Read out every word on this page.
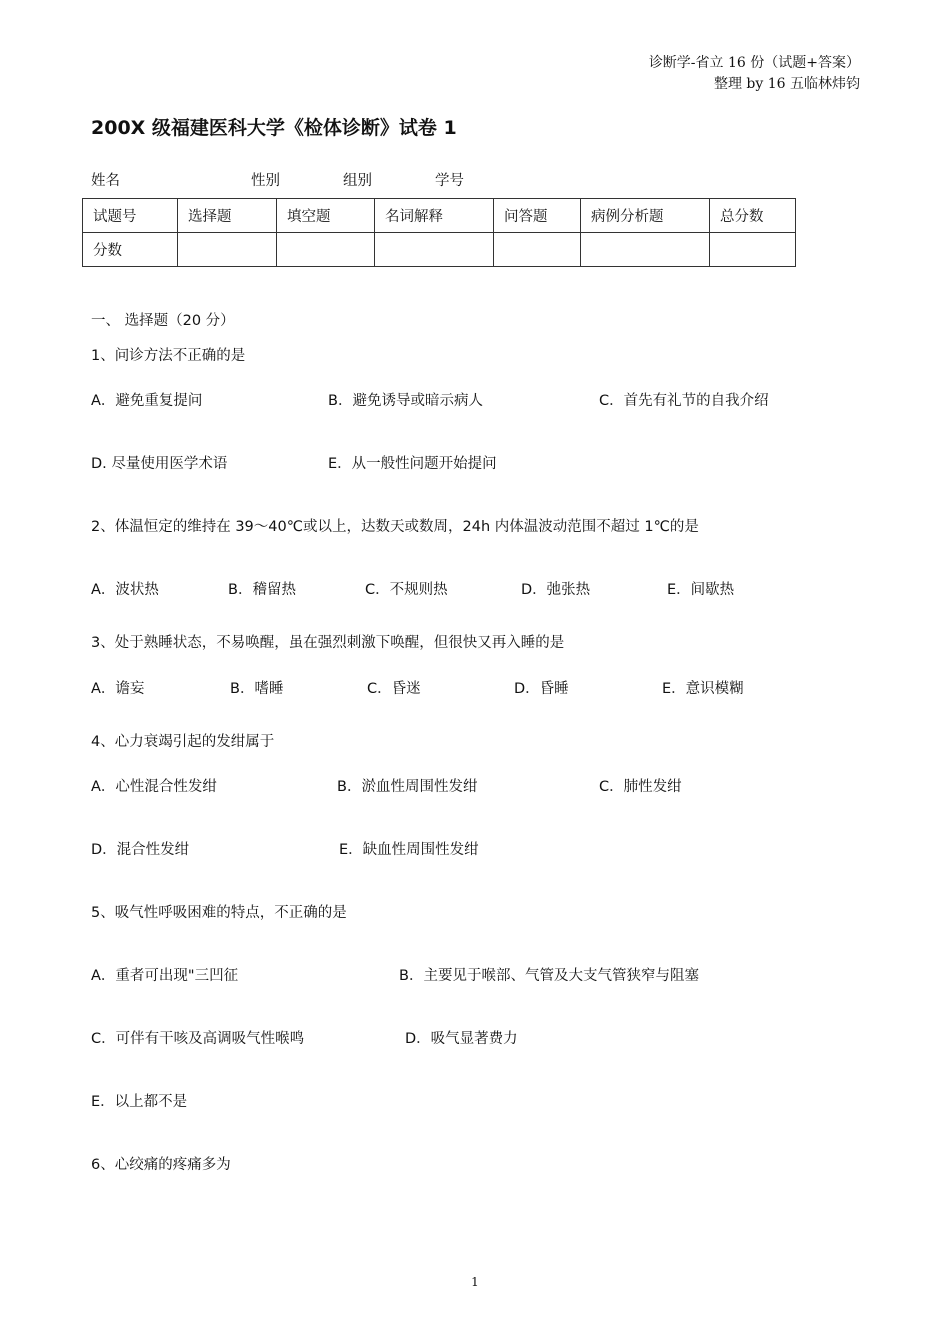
诊断学-省立 16 份（试题+答案）
整理 by 16 五临林炜钧
200X 级福建医科大学《检体诊断》试卷 1
姓名	性别	组别	学号
试题号	选择题	填空题	名词解释	问答题	病例分析题	总分数
分数						
一、 选择题（20 分）
1、问诊方法不正确的是
A．避免重复提问	B．避免诱导或暗示病人	C．首先有礼节的自我介绍
D. 尽量使用医学术语	E．从一般性问题开始提问
2、体温恒定的维持在 39～40℃或以上，达数天或数周，24h 内体温波动范围不超过 1℃的是
A．波状热	B．稽留热	C．不规则热	D．弛张热	E．间歇热
3、处于熟睡状态，不易唤醒，虽在强烈刺激下唤醒，但很快又再入睡的是
A．谵妄	B．嗜睡	C．昏迷	D．昏睡	E．意识模糊
4、心力衰竭引起的发绀属于
A．心性混合性发绀	B．淤血性周围性发绀	C．肺性发绀
D．混合性发绀	E．缺血性周围性发绀
5、吸气性呼吸困难的特点，不正确的是
A．重者可出现"三凹征	B．主要见于喉部、气管及大支气管狭窄与阻塞
C．可伴有干咳及高调吸气性喉鸣	D．吸气显著费力
E．以上都不是
6、心绞痛的疼痛多为
1
